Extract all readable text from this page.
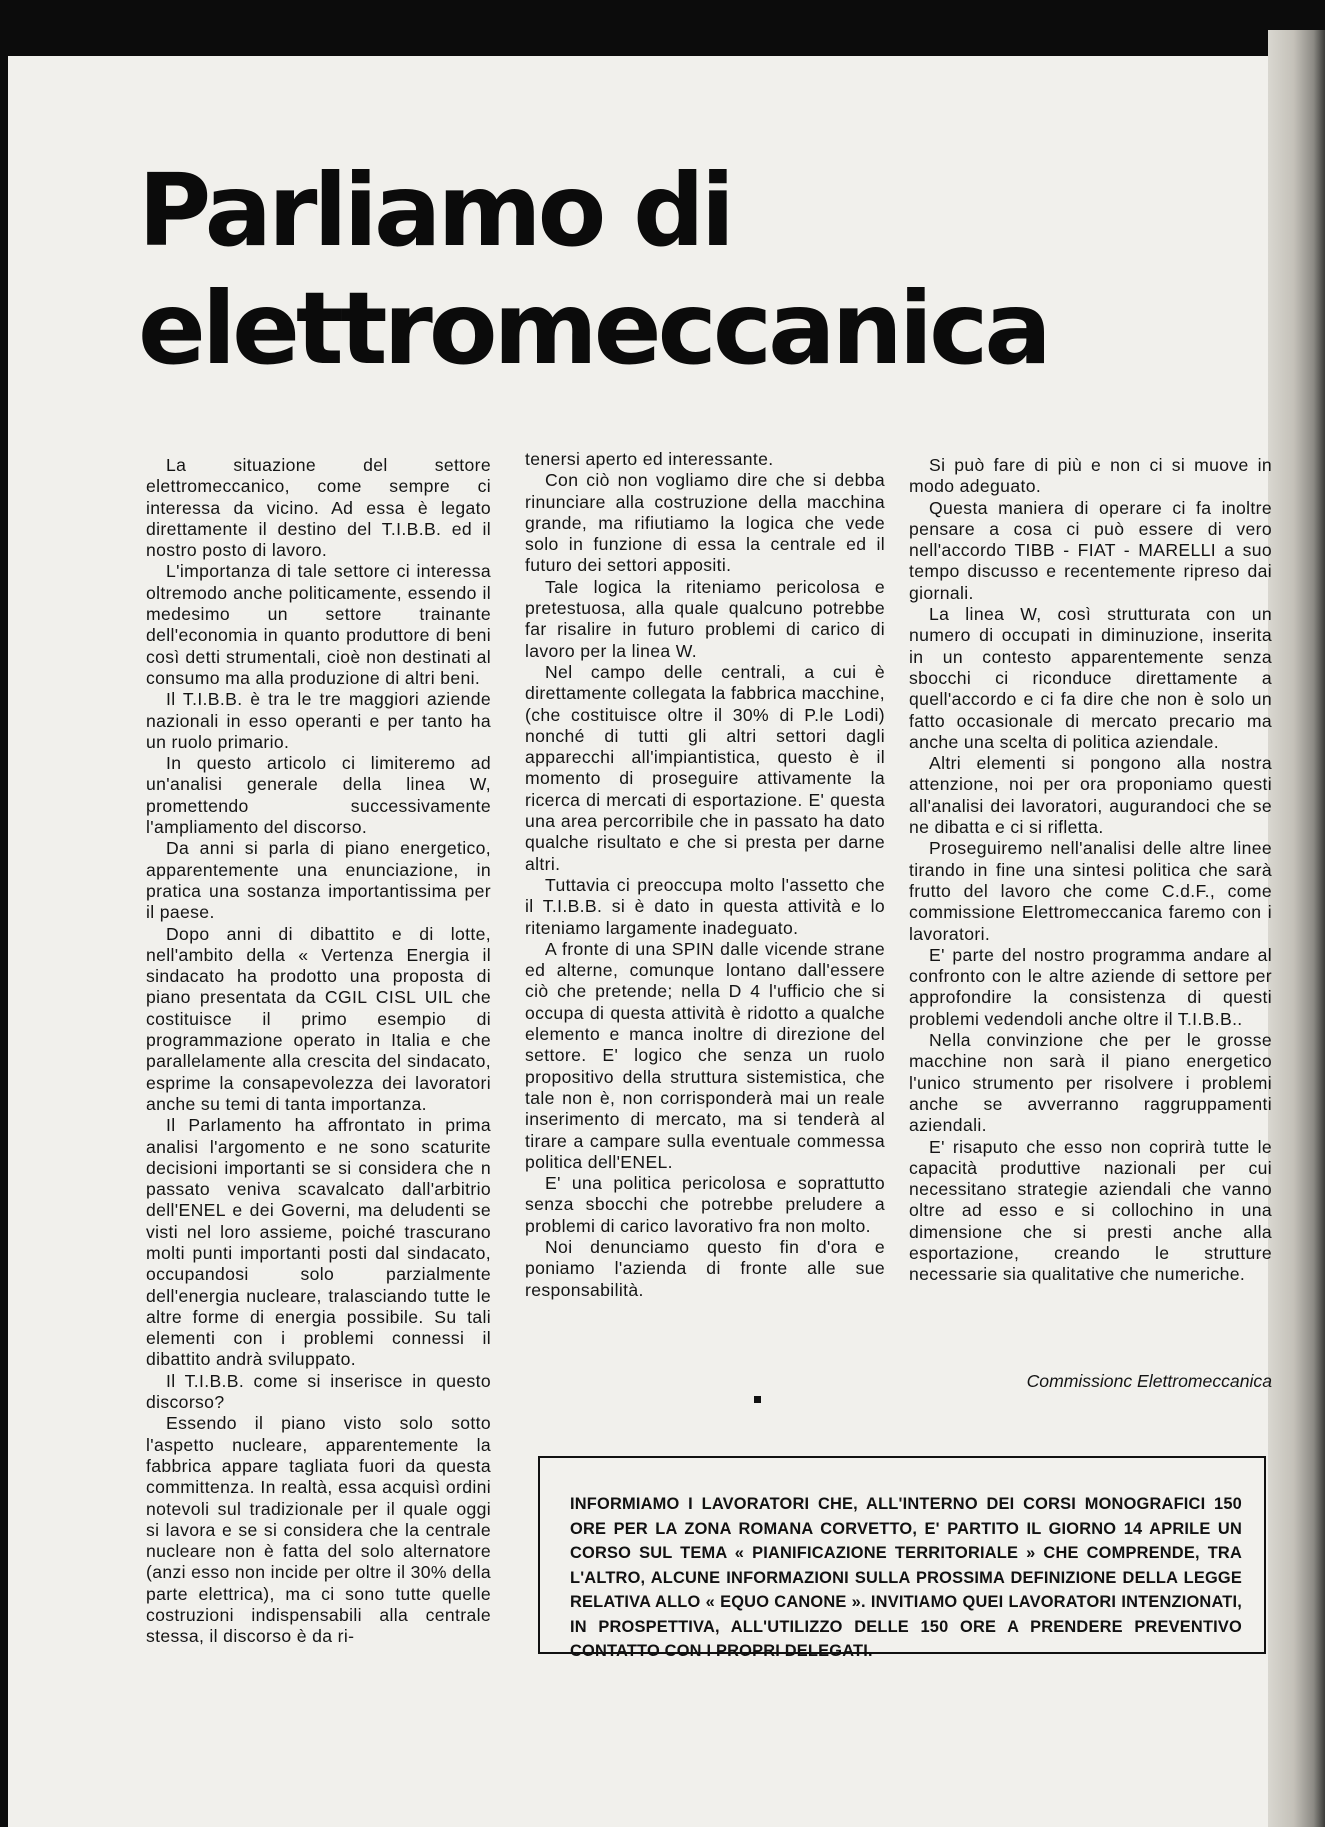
Parliamo di
elettromeccanica

La situazione del settore elettromeccanico, come sempre ci interessa da vicino. Ad essa è legato direttamente il destino del T.I.B.B. ed il nostro posto di lavoro.

L'importanza di tale settore ci interessa oltremodo anche politicamente, essendo il medesimo un settore trainante dell'economia in quanto produttore di beni così detti strumentali, cioè non destinati al consumo ma alla produzione di altri beni.

Il T.I.B.B. è tra le tre maggiori aziende nazionali in esso operanti e per tanto ha un ruolo primario.

In questo articolo ci limiteremo ad un'analisi generale della linea W, promettendo successivamente l'ampliamento del discorso.

Da anni si parla di piano energetico, apparentemente una enunciazione, in pratica una sostanza importantissima per il paese.

Dopo anni di dibattito e di lotte, nell'ambito della « Vertenza Energia il sindacato ha prodotto una proposta di piano presentata da CGIL CISL UIL che costituisce il primo esempio di programmazione operato in Italia e che parallelamente alla crescita del sindacato, esprime la consapevolezza dei lavoratori anche su temi di tanta importanza.

Il Parlamento ha affrontato in prima analisi l'argomento e ne sono scaturite decisioni importanti se si considera che n passato veniva scavalcato dall'arbitrio dell'ENEL e dei Governi, ma deludenti se visti nel loro assieme, poiché trascurano molti punti importanti posti dal sindacato, occupandosi solo parzialmente dell'energia nucleare, tralasciando tutte le altre forme di energia possibile. Su tali elementi con i problemi connessi il dibattito andrà sviluppato.

Il T.I.B.B. come si inserisce in questo discorso?

Essendo il piano visto solo sotto l'aspetto nucleare, apparentemente la fabbrica appare tagliata fuori da questa committenza. In realtà, essa acquisì ordini notevoli sul tradizionale per il quale oggi si lavora e se si considera che la centrale nucleare non è fatta del solo alternatore (anzi esso non incide per oltre il 30% della parte elettrica), ma ci sono tutte quelle costruzioni indispensabili alla centrale stessa, il discorso è da ri-

tenersi aperto ed interessante.

Con ciò non vogliamo dire che si debba rinunciare alla costruzione della macchina grande, ma rifiutiamo la logica che vede solo in funzione di essa la centrale ed il futuro dei settori appositi.

Tale logica la riteniamo pericolosa e pretestuosa, alla quale qualcuno potrebbe far risalire in futuro problemi di carico di lavoro per la linea W.

Nel campo delle centrali, a cui è direttamente collegata la fabbrica macchine, (che costituisce oltre il 30% di P.le Lodi) nonché di tutti gli altri settori dagli apparecchi all'impiantistica, questo è il momento di proseguire attivamente la ricerca di mercati di esportazione. E' questa una area percorribile che in passato ha dato qualche risultato e che si presta per darne altri.

Tuttavia ci preoccupa molto l'assetto che il T.I.B.B. si è dato in questa attività e lo riteniamo largamente inadeguato.

A fronte di una SPIN dalle vicende strane ed alterne, comunque lontano dall'essere ciò che pretende; nella D 4 l'ufficio che si occupa di questa attività è ridotto a qualche elemento e manca inoltre di direzione del settore. E' logico che senza un ruolo propositivo della struttura sistemistica, che tale non è, non corrisponderà mai un reale inserimento di mercato, ma si tenderà al tirare a campare sulla eventuale commessa politica dell'ENEL.

E' una politica pericolosa e soprattutto senza sbocchi che potrebbe preludere a problemi di carico lavorativo fra non molto.

Noi denunciamo questo fin d'ora e poniamo l'azienda di fronte alle sue responsabilità.

Si può fare di più e non ci si muove in modo adeguato.

Questa maniera di operare ci fa inoltre pensare a cosa ci può essere di vero nell'accordo TIBB - FIAT - MARELLI a suo tempo discusso e recentemente ripreso dai giornali.

La linea W, così strutturata con un numero di occupati in diminuzione, inserita in un contesto apparentemente senza sbocchi ci riconduce direttamente a quell'accordo e ci fa dire che non è solo un fatto occasionale di mercato precario ma anche una scelta di politica aziendale.

Altri elementi si pongono alla nostra attenzione, noi per ora proponiamo questi all'analisi dei lavoratori, augurandoci che se ne dibatta e ci si rifletta.

Proseguiremo nell'analisi delle altre linee tirando in fine una sintesi politica che sarà frutto del lavoro che come C.d.F., come commissione Elettromeccanica faremo con i lavoratori.

E' parte del nostro programma andare al confronto con le altre aziende di settore per approfondire la consistenza di questi problemi vedendoli anche oltre il T.I.B.B..

Nella convinzione che per le grosse macchine non sarà il piano energetico l'unico strumento per risolvere i problemi anche se avverranno raggruppamenti aziendali.

E' risaputo che esso non coprirà tutte le capacità produttive nazionali per cui necessitano strategie aziendali che vanno oltre ad esso e si collochino in una dimensione che si presti anche alla esportazione, creando le strutture necessarie sia qualitative che numeriche.

Commissionc Elettromeccanica

INFORMIAMO I LAVORATORI CHE, ALL'INTERNO DEI CORSI MONOGRAFICI 150 ORE PER LA ZONA ROMANA CORVETTO, E' PARTITO IL GIORNO 14 APRILE UN CORSO SUL TEMA « PIANIFICAZIONE TERRITORIALE » CHE COMPRENDE, TRA L'ALTRO, ALCUNE INFORMAZIONI SULLA PROSSIMA DEFINIZIONE DELLA LEGGE RELATIVA ALLO « EQUO CANONE ». INVITIAMO QUEI LAVORATORI INTENZIONATI, IN PROSPETTIVA, ALL'UTILIZZO DELLE 150 ORE A PRENDERE PREVENTIVO CONTATTO CON I PROPRI DELEGATI.
